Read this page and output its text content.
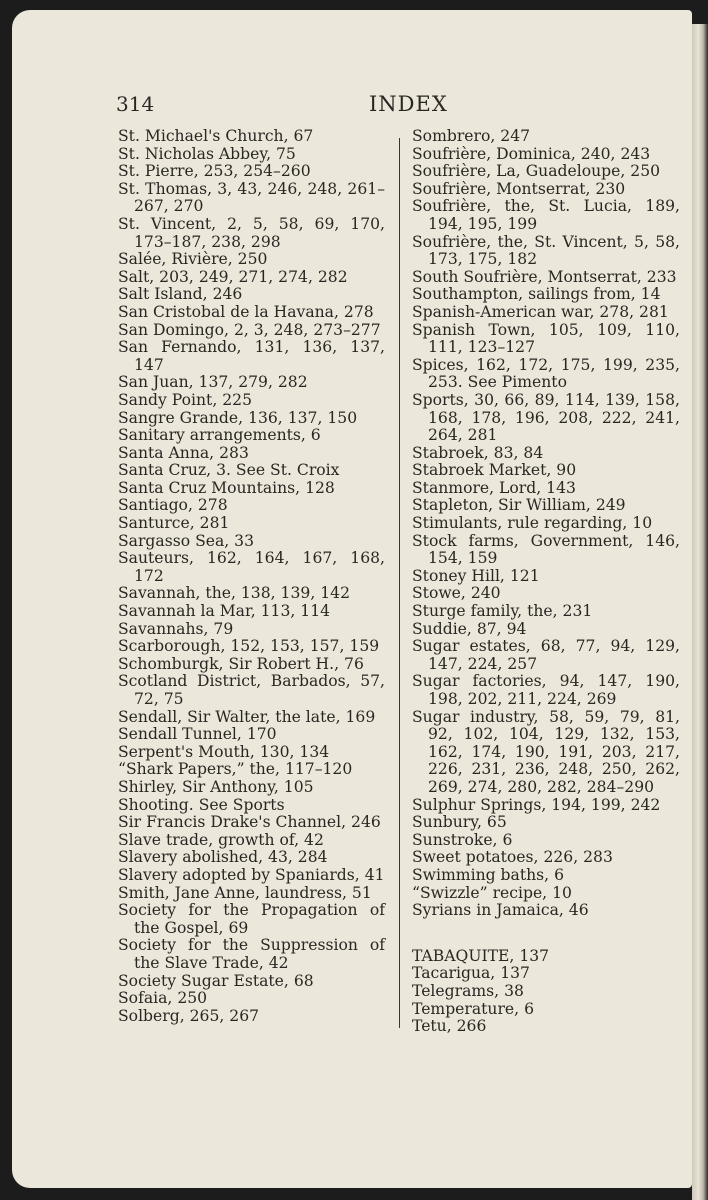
314	INDEX
St. Michael's Church, 67
St. Nicholas Abbey, 75
St. Pierre, 253, 254–260
St. Thomas, 3, 43, 246, 248, 261–267, 270
St. Vincent, 2, 5, 58, 69, 170, 173–187, 238, 298
Salée, Rivière, 250
Salt, 203, 249, 271, 274, 282
Salt Island, 246
San Cristobal de la Havana, 278
San Domingo, 2, 3, 248, 273–277
San Fernando, 131, 136, 137, 147
San Juan, 137, 279, 282
Sandy Point, 225
Sangre Grande, 136, 137, 150
Sanitary arrangements, 6
Santa Anna, 283
Santa Cruz, 3. See St. Croix
Santa Cruz Mountains, 128
Santiago, 278
Santurce, 281
Sargasso Sea, 33
Sauteurs, 162, 164, 167, 168, 172
Savannah, the, 138, 139, 142
Savannah la Mar, 113, 114
Savannahs, 79
Scarborough, 152, 153, 157, 159
Schomburgk, Sir Robert H., 76
Scotland District, Barbados, 57, 72, 75
Sendall, Sir Walter, the late, 169
Sendall Tunnel, 170
Serpent's Mouth, 130, 134
“Shark Papers,” the, 117–120
Shirley, Sir Anthony, 105
Shooting. See Sports
Sir Francis Drake's Channel, 246
Slave trade, growth of, 42
Slavery abolished, 43, 284
Slavery adopted by Spaniards, 41
Smith, Jane Anne, laundress, 51
Society for the Propagation of the Gospel, 69
Society for the Suppression of the Slave Trade, 42
Society Sugar Estate, 68
Sofaia, 250
Solberg, 265, 267
Sombrero, 247
Soufrière, Dominica, 240, 243
Soufrière, La, Guadeloupe, 250
Soufrière, Montserrat, 230
Soufrière, the, St. Lucia, 189, 194, 195, 199
Soufrière, the, St. Vincent, 5, 58, 173, 175, 182
South Soufrière, Montserrat, 233
Southampton, sailings from, 14
Spanish-American war, 278, 281
Spanish Town, 105, 109, 110, 111, 123–127
Spices, 162, 172, 175, 199, 235, 253. See Pimento
Sports, 30, 66, 89, 114, 139, 158, 168, 178, 196, 208, 222, 241, 264, 281
Stabroek, 83, 84
Stabroek Market, 90
Stanmore, Lord, 143
Stapleton, Sir William, 249
Stimulants, rule regarding, 10
Stock farms, Government, 146, 154, 159
Stoney Hill, 121
Stowe, 240
Sturge family, the, 231
Suddie, 87, 94
Sugar estates, 68, 77, 94, 129, 147, 224, 257
Sugar factories, 94, 147, 190, 198, 202, 211, 224, 269
Sugar industry, 58, 59, 79, 81, 92, 102, 104, 129, 132, 153, 162, 174, 190, 191, 203, 217, 226, 231, 236, 248, 250, 262, 269, 274, 280, 282, 284–290
Sulphur Springs, 194, 199, 242
Sunbury, 65
Sunstroke, 6
Sweet potatoes, 226, 283
Swimming baths, 6
“Swizzle” recipe, 10
Syrians in Jamaica, 46
TABAQUITE, 137
Tacarigua, 137
Telegrams, 38
Temperature, 6
Tetu, 266
